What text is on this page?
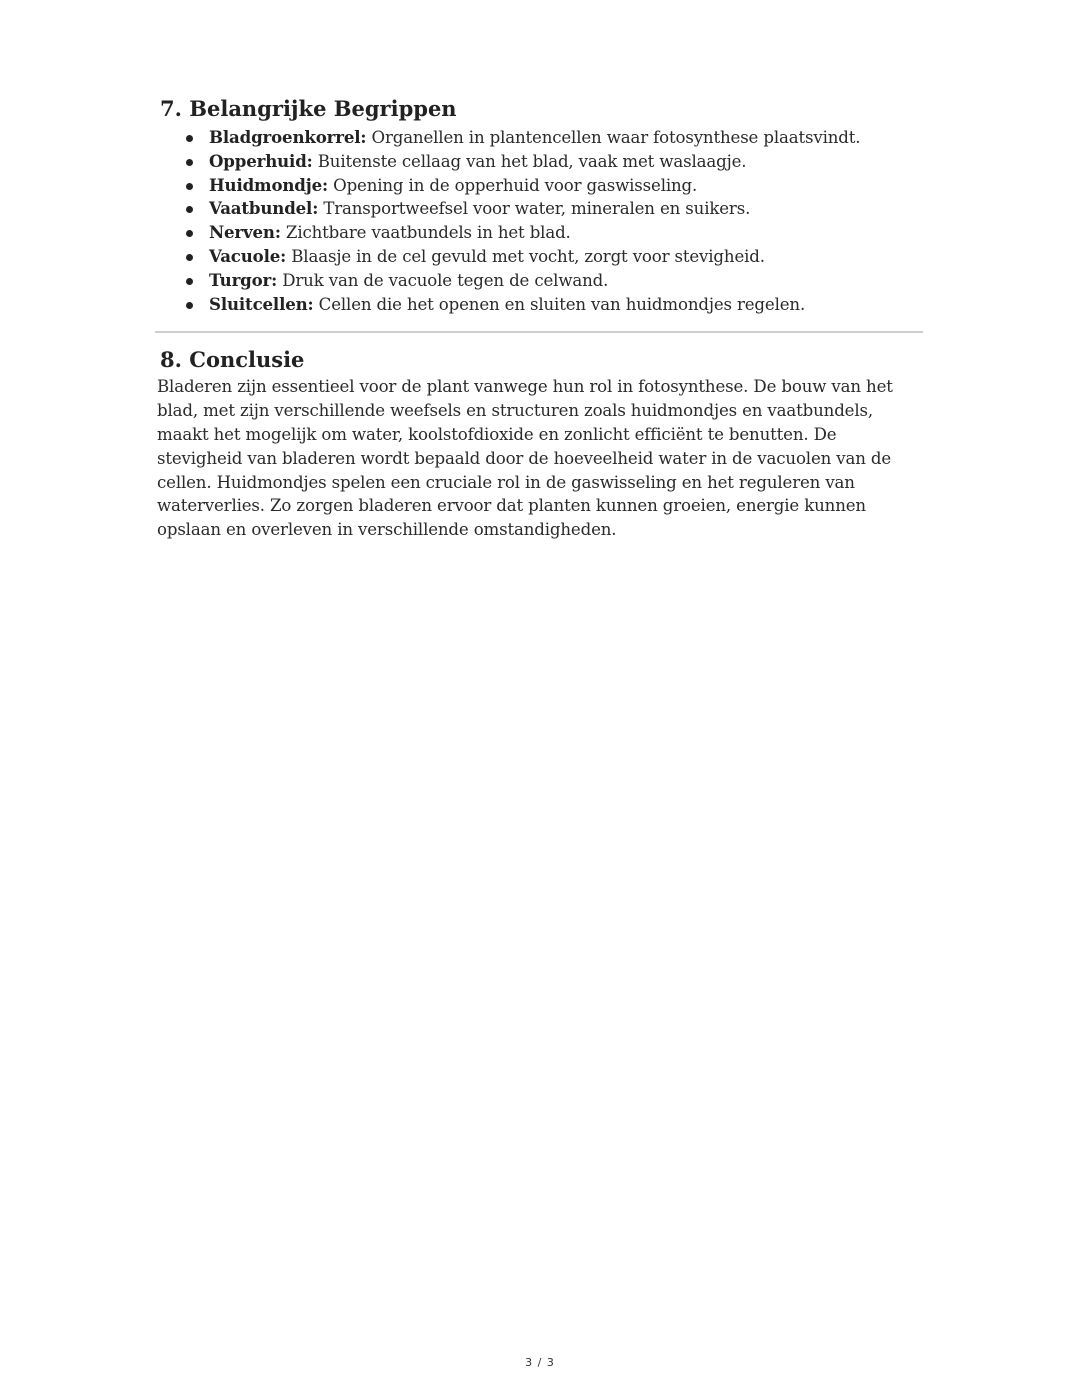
7. Belangrijke Begrippen
Bladgroenkorrel: Organellen in plantencellen waar fotosynthese plaatsvindt.
Opperhuid: Buitenste cellaag van het blad, vaak met waslaagje.
Huidmondje: Opening in de opperhuid voor gaswisseling.
Vaatbundel: Transportweefsel voor water, mineralen en suikers.
Nerven: Zichtbare vaatbundels in het blad.
Vacuole: Blaasje in de cel gevuld met vocht, zorgt voor stevigheid.
Turgor: Druk van de vacuole tegen de celwand.
Sluitcellen: Cellen die het openen en sluiten van huidmondjes regelen.
8. Conclusie

Bladeren zijn essentieel voor de plant vanwege hun rol in fotosynthese. De bouw van het
blad, met zijn verschillende weefsels en structuren zoals huidmondjes en vaatbundels,
maakt het mogelijk om water, koolstofdioxide en zonlicht efficiënt te benutten. De
stevigheid van bladeren wordt bepaald door de hoeveelheid water in de vacuolen van de
cellen. Huidmondjes spelen een cruciale rol in de gaswisseling en het reguleren van
waterverlies. Zo zorgen bladeren ervoor dat planten kunnen groeien, energie kunnen
opslaan en overleven in verschillende omstandigheden.

3 / 3
